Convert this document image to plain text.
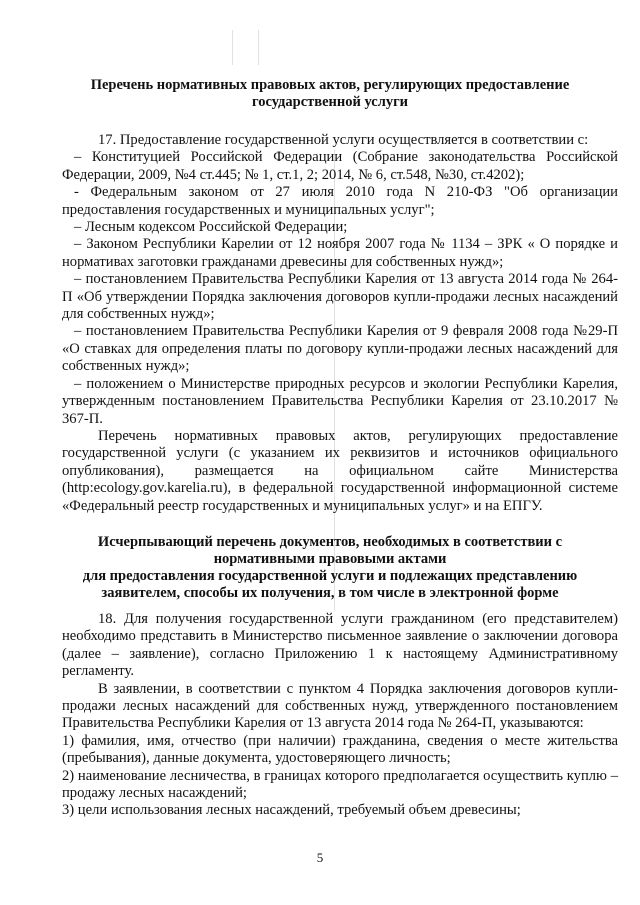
Перечень нормативных правовых актов, регулирующих предоставление государственной услуги

17. Предоставление государственной услуги осуществляется в соответствии с:

– Конституцией Российской Федерации (Собрание законодательства Российской Федерации, 2009, №4 ст.445; № 1, ст.1, 2; 2014, № 6, ст.548, №30, ст.4202);

- Федеральным законом от 27 июля 2010 года N 210-ФЗ "Об организации предоставления государственных и муниципальных услуг";

– Лесным кодексом Российской Федерации;

– Законом Республики Карелии от 12 ноября 2007 года № 1134 – ЗРК « О порядке и нормативах заготовки гражданами древесины для собственных нужд»;

– постановлением Правительства Республики Карелия от 13 августа 2014 года № 264-П «Об утверждении Порядка заключения договоров купли-продажи лесных насаждений для собственных нужд»;

– постановлением Правительства Республики Карелия от 9 февраля 2008 года №29-П «О ставках для определения платы по договору купли-продажи лесных насаждений для собственных нужд»;

– положением о Министерстве природных ресурсов и экологии Республики Карелия, утвержденным постановлением Правительства Республики Карелия от 23.10.2017 № 367-П.

Перечень нормативных правовых актов, регулирующих предоставление государственной услуги (с указанием их реквизитов и источников официального опубликования), размещается на официальном сайте Министерства (http:ecology.gov.karelia.ru), в федеральной государственной информационной системе «Федеральный реестр государственных и муниципальных услуг» и на ЕПГУ.

Исчерпывающий перечень документов, необходимых в соответствии с нормативными правовыми актами
для предоставления государственной услуги и подлежащих представлению заявителем, способы их получения, в том числе в электронной форме

18. Для получения государственной услуги гражданином (его представителем) необходимо представить в Министерство письменное заявление о заключении договора (далее – заявление), согласно Приложению 1 к настоящему Административному регламенту.

В заявлении, в соответствии с пунктом 4 Порядка заключения договоров купли-продажи лесных насаждений для собственных нужд, утвержденного постановлением Правительства Республики Карелия от 13 августа 2014 года № 264-П, указываются:

1) фамилия, имя, отчество (при наличии) гражданина, сведения о месте жительства (пребывания), данные документа, удостоверяющего личность;

2) наименование лесничества, в границах которого предполагается осуществить куплю – продажу лесных насаждений;

3) цели использования лесных насаждений, требуемый объем древесины;

5
